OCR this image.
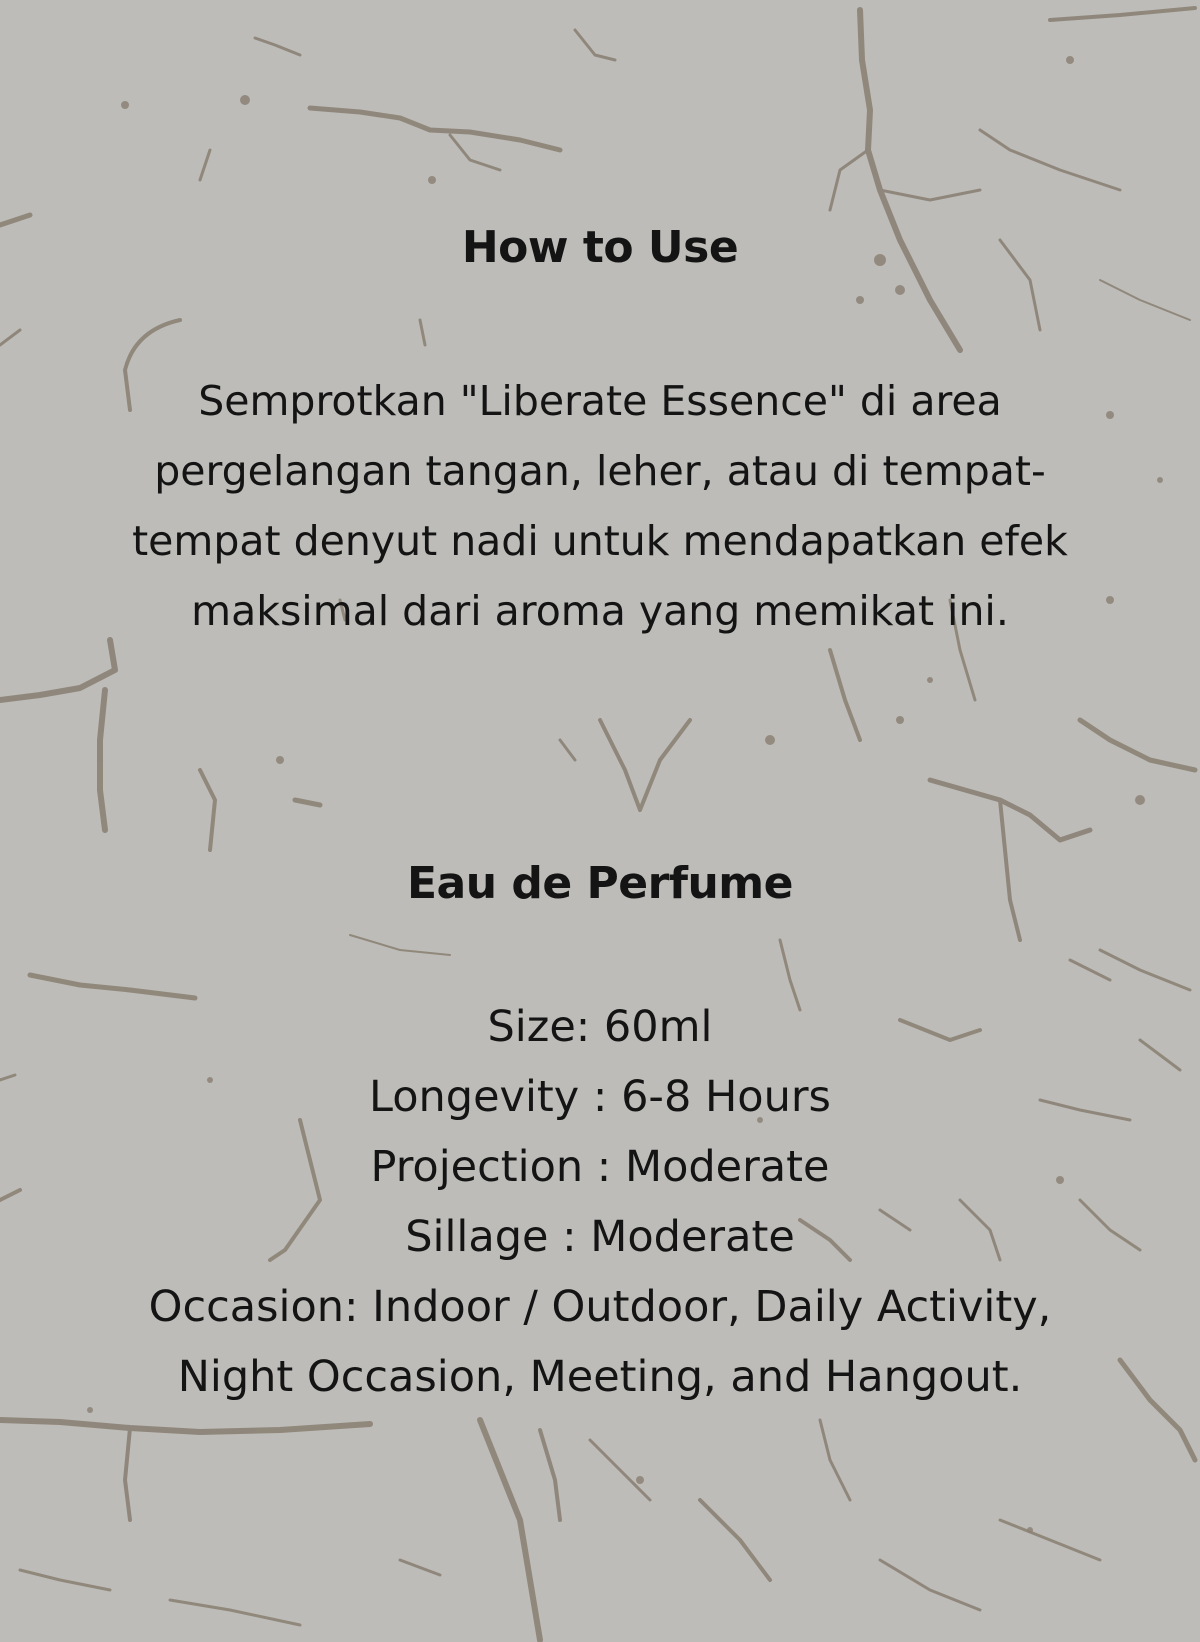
How to Use

Semprotkan "Liberate Essence" di area
pergelangan tangan, leher, atau di tempat-
tempat denyut nadi untuk mendapatkan efek
maksimal dari aroma yang memikat ini.

Eau de Perfume
Size: 60ml
Longevity : 6-8 Hours
Projection : Moderate
Sillage : Moderate
Occasion: Indoor / Outdoor, Daily Activity,
Night Occasion, Meeting, and Hangout.
